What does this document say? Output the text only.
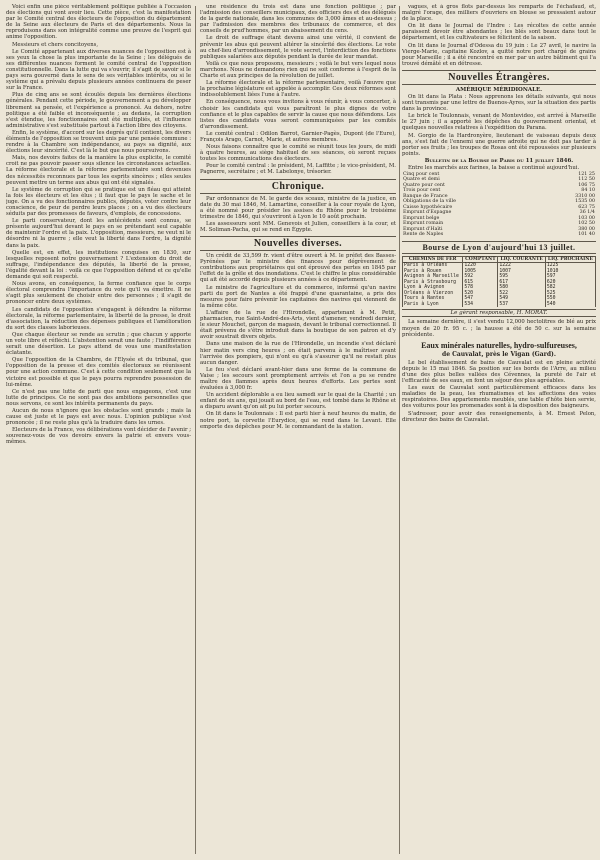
Voici enfin une pièce véritablement politique publiée à l'occasion des élections qui vont avoir lieu. Cette pièce, c'est la manifestation par le Comité central des électeurs de l'opposition du département de la Seine aux électeurs de Paris et des départements. Nous la reproduisons dans son intégralité comme une preuve de l'esprit qui anime l'opposition.

Messieurs et chers concitoyens,

Le Comité appartenant aux diverses nuances de l'opposition est à ses yeux la chose la plus importante de la Seine ; les délégués de ses différentes nuances forment le comité central de l'opposition constitutionnelle. Dans la lutte qui va s'ouvrir, il s'agit de savoir si le pays sera gouverné dans le sens de ses véritables intérêts, ou si le système qui a prévalu depuis plusieurs années continuera de peser sur la France.

Plus de cinq ans se sont écoulés depuis les dernières élections générales. Pendant cette période, le gouvernement a pu développer librement sa pensée, et l'expérience a prononcé. Au dehors, notre politique a été faible et inconséquente ; au dedans, la corruption s'est étendue, les fonctionnaires ont été multipliés, et l'influence administrative s'est substituée partout à l'action libre des citoyens.

Enfin, le système, d'accord sur les degrés qu'il contient, les divers éléments de l'opposition se trouvent unis par une pensée commune : rendre à la Chambre son indépendance, au pays sa dignité, aux élections leur sincérité. C'est là le but que nous poursuivons.

Mais, nos devoirs faites de la manière la plus explicite, le comité croit ne pas pouvoir passer sous silence les circonstances actuelles. La réforme électorale et la réforme parlementaire sont devenues des nécessités reconnues par tous les esprits sincères ; elles seules peuvent mettre un terme aux abus qui ont été signalés.

Le système de corruption qui se pratique est un fléau qui atteint la fois les électeurs et les élus ; il faut que le pays le sache et le juge. On a vu des fonctionnaires publics, députés, voter contre leur conscience, de peur de perdre leurs places ; on a vu des électeurs séduits par des promesses de faveurs, d'emplois, de concessions.

Le parti conservateur, dont les antécédents sont connus, se présente aujourd'hui devant le pays en se prétendant seul capable de maintenir l'ordre et la paix. L'opposition, messieurs, ne veut ni le désordre ni la guerre ; elle veut la liberté dans l'ordre, la dignité dans la paix.

Quelle est, en effet, les institutions conquises en 1830, sur lesquelles reposent notre gouvernement ? L'extension du droit de suffrage, l'indépendance des députés, la liberté de la presse, l'égalité devant la loi : voilà ce que l'opposition défend et ce qu'elle demande qui soit respecté.

Nous avons, en conséquence, la ferme confiance que le corps électoral comprendra l'importance du vote qu'il va émettre. Il ne s'agit plus seulement de choisir entre des personnes ; il s'agit de prononcer entre deux systèmes.

Les candidats de l'opposition s'engagent à défendre la réforme électorale, la réforme parlementaire, la liberté de la presse, le droit d'association, la réduction des dépenses publiques et l'amélioration du sort des classes laborieuses.

Que chaque électeur se rende au scrutin ; que chacun y apporte un vote libre et réfléchi. L'abstention serait une faute ; l'indifférence serait une désertion. Le pays attend de vous une manifestation éclatante.

Que l'opposition de la Chambre, de l'Elysée et du tribunal, que l'opposition de la presse et des comités électoraux se réunissent pour une action commune. C'est à cette condition seulement que la victoire est possible et que le pays pourra reprendre possession de lui-même.

Ce n'est pas une lutte de parti que nous engageons, c'est une lutte de principes. Ce ne sont pas des ambitions personnelles que nous servons, ce sont les intérêts permanents du pays.

Aucun de nous n'ignore que les obstacles sont grands ; mais la cause est juste et le pays est avec nous. L'opinion publique s'est prononcée ; il ne reste plus qu'à la traduire dans les urnes.

Electeurs de la France, vos délibérations vont décider de l'avenir ; souvenez-vous de vos devoirs envers la patrie et envers vous-mêmes.

une résidence du trois est dans une fonction politique ; par l'admission des conseillers municipaux, des officiers des et des délégués de la garde nationale, dans les communes de 3,000 âmes et au-dessus ; par l'admission des membres des tribunaux de commerce, et des conseils de prud'hommes, par un abaissement du cens.

Le droit de suffrage étant devenu ainsi une vérité, il convient de prévenir les abus qui peuvent altérer la sincérité des élections. Le vote au chef-lieu d'arrondissement, le vote secret, l'interdiction des fonctions publiques salariées aux députés pendant la durée de leur mandat.

Voilà ce que nous proposons, messieurs ; voilà le but vers lequel nous marchons. Nous ne demandons rien qui ne soit conforme à l'esprit de la Charte et aux principes de la révolution de juillet.

La réforme électorale et la réforme parlementaire, voilà l'œuvre que la prochaine législature est appelée à accomplir. Ces deux réformes sont indissolublement liées l'une à l'autre.

En conséquence, nous vous invitons à vous réunir, à vous concerter, à choisir les candidats qui vous paraîtront le plus dignes de votre confiance et le plus capables de servir la cause que nous défendons. Les listes des candidats vous seront communiquées par les comités d'arrondissement.

Le comité central : Odilon Barrot, Garnier-Pagès, Dupont (de l'Eure), François Arago, Carnot, Marie, et autres membres.

Nous faisons connaître que le comité se réunit tous les jours, de midi à quatre heures, au siège habituel de ses séances, où seront reçues toutes les communications des électeurs.

Pour le comité central : le président, M. Laffitte ; le vice-président, M. Pagnerre, secrétaire ; et M. Labelonye, trésorier.

Chronique.

Par ordonnance de M. le garde des sceaux, ministre de la justice, en date du 30 mai 1846, M. Lamartine, conseiller à la cour royale de Lyon, a été nommé pour présider les assises du Rhône pour le troisième trimestre de 1846, qui s'ouvriront à Lyon le 10 août prochain.

Les assesseurs sont MM. Genevois et Julien, conseillers à la cour, et M. Soliman-Pacha, qui se rend en Égypte.

Nouvelles diverses.

Un crédit de 33,599 fr. vient d'être ouvert à M. le préfet des Basses-Pyrénées par le ministre des finances pour dégrèvement de contributions aux propriétaires qui ont éprouvé des pertes en 1845 par l'effet de la grêle et des inondations. C'est le chiffre le plus considérable qui ait été accordé depuis plusieurs années à ce département.

Le ministre de l'agriculture et du commerce, informé qu'un navire parti du port de Nantes a été frappé d'une quarantaine, a pris des mesures pour faire prévenir les capitaines des navires qui viennent de la même côte.

L'affaire de la rue de l'Hirondelle, appartenant à M. Petit, pharmacien, rue Saint-André-des-Arts, vient d'amener, vendredi dernier, le sieur Mouchet, garçon de magasin, devant le tribunal correctionnel. Il était prévenu de s'être introduit dans la boutique de son patron et d'y avoir soustrait divers objets.

Dans une maison de la rue de l'Hirondelle, un incendie s'est déclaré hier matin vers cinq heures ; on était parvenu à le maîtriser avant l'arrivée des pompiers, qui n'ont eu qu'à s'assurer qu'il ne restait plus aucun danger.

Le feu s'est déclaré avant-hier dans une ferme de la commune de Vaise ; les secours sont promptement arrivés et l'on a pu se rendre maître des flammes après deux heures d'efforts. Les pertes sont évaluées à 3,000 fr.

Un accident déplorable a eu lieu samedi sur le quai de la Charité ; un enfant de six ans, qui jouait au bord de l'eau, est tombé dans le Rhône et a disparu avant qu'on ait pu lui porter secours.

On lit dans le Toulonnais : Il est parti hier à neuf heures du matin, de notre port, la corvette l'Eurydice, qui se rend dans le Levant. Elle emporte des dépêches pour M. le commandant de la station.

vagues, et à gros flots par-dessus les remparts de l'échafaud, et, malgré l'orage, des milliers d'ouvriers en blouse se pressaient autour de la place.

On lit dans le Journal de l'Indre : Les récoltes de cette année paraissent devoir être abondantes ; les blés sont beaux dans tout le département, et les cultivateurs se félicitent de la saison.

On lit dans le Journal d'Odessa du 19 juin : Le 27 avril, le navire la Vierge-Marie, capitaine Kozlov, a quitté notre port chargé de grains pour Marseille ; il a été rencontré en mer par un autre bâtiment qui l'a trouvé démâté et en détresse.

Nouvelles Étrangères.
AMÉRIQUE MÉRIDIONALE.

On lit dans la Plata : Nous apprenons les détails suivants, qui nous sont transmis par une lettre de Buenos-Ayres, sur la situation des partis dans la province.

Le brick le Toulonnais, venant de Montevideo, est arrivé à Marseille le 27 juin ; il a apporté les dépêches du gouvernement oriental, et quelques nouvelles relatives à l'expédition du Parana.

M. Gorgio de la Hardronyère, lieutenant de vaisseau depuis deux ans, s'est fait de l'ennemi une guerre adroite qui ne doit pas tarder à porter ses fruits ; les troupes de Rosas ont été repoussées sur plusieurs points.

Bulletin de la Bourse de Paris du 11 juillet 1846.

Entre les marchés aux farines, la baisse a continué aujourd'hui.

Cinq pour cent	121 25
Quatre et demi	112 50
Quatre pour cent	106 75
Trois pour cent	84 10
Banque de France	3310 00
Obligations de la ville	1535 00
Caisse hypothécaire	623 75
Emprunt d'Espagne	36 1/4
Emprunt belge	103 00
Emprunt romain	102 50
Emprunt d'Haïti	380 00
Rente de Naples	101 40
Bourse de Lyon d'aujourd'hui 13 juillet.
CHEMINS DE FER	COMPTANT	LIQ. COURANTE	LIQ. PROCHAINE
Paris à Orléans	1220	1222	1225
Paris à Rouen	1005	1007	1010
Avignon à Marseille	592	595	597
Paris à Strasbourg	615	617	620
Lyon à Avignon	578	580	582
Orléans à Vierzon	520	522	525
Tours à Nantes	547	549	550
Paris à Lyon	534	537	540
Le gérant responsable, H. MORAT.

La semaine dernière, il s'est vendu 12,000 hectolitres de blé au prix moyen de 20 fr. 95 c. ; la hausse a été de 50 c. sur la semaine précédente.

Eaux minérales naturelles, hydro-sulfureuses,
de Cauvalat, près le Vigan (Gard).

Le bel établissement de bains de Cauvalat est en pleine activité depuis le 15 mai 1846. Sa position sur les bords de l'Arre, au milieu d'une des plus belles vallées des Cévennes, la pureté de l'air et l'efficacité de ses eaux, en font un séjour des plus agréables.

Les eaux de Cauvalat sont particulièrement efficaces dans les maladies de la peau, les rhumatismes et les affections des voies respiratoires. Des appartements meublés, une table d'hôte bien servie, des voitures pour les promenades sont à la disposition des baigneurs.

S'adresser, pour avoir des renseignements, à M. Ernest Pelon, directeur des bains de Cauvalat.
